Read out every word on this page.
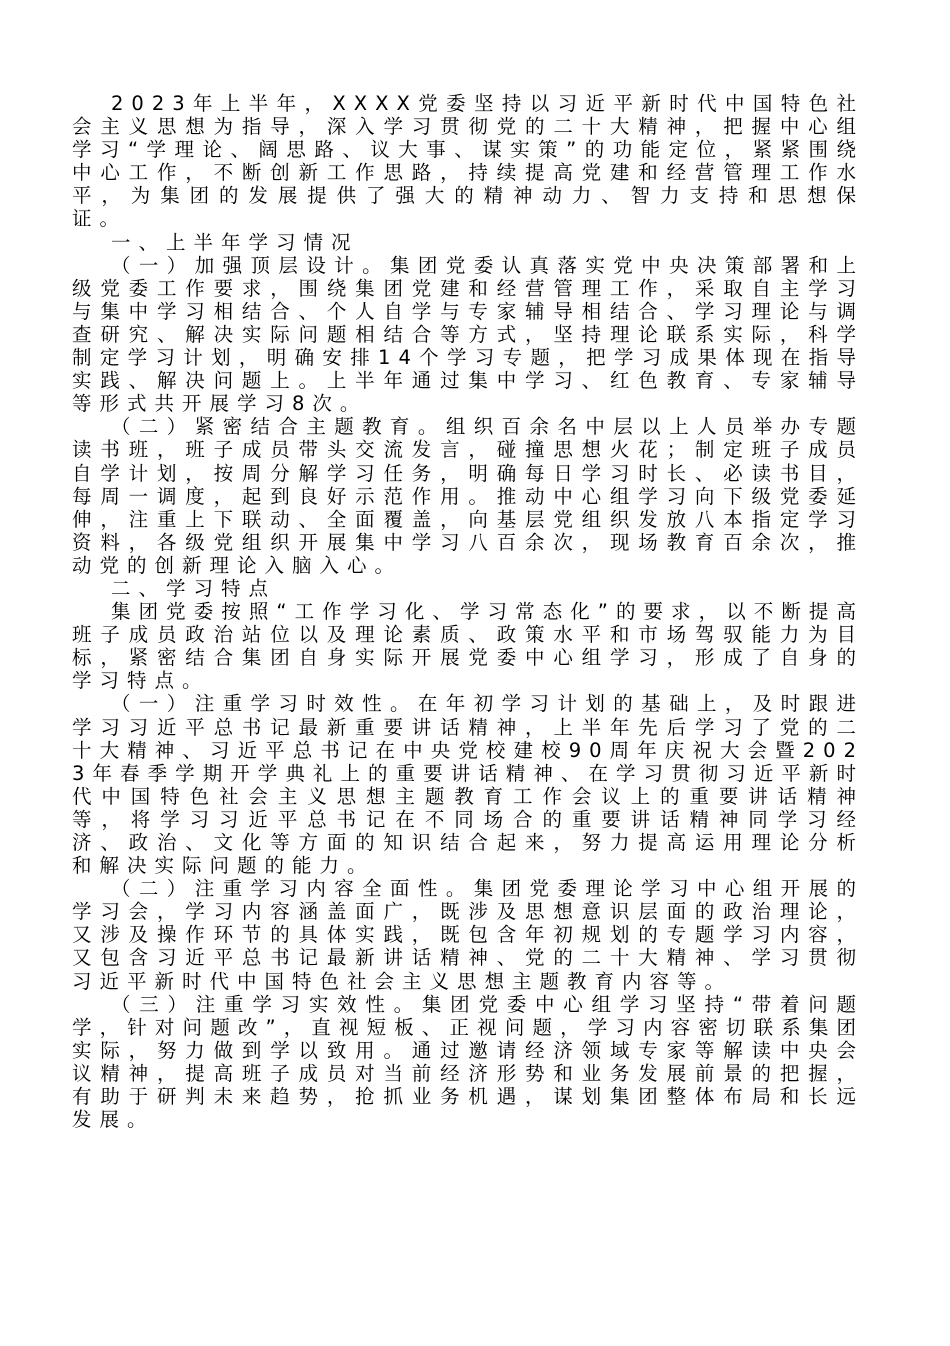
2023年上半年，XXXX党委坚持以习近平新时代中国特色社会主义思想为指导，深入学习贯彻党的二十大精神，把握中心组学习“学理论、阔思路、议大事、谋实策”的功能定位，紧紧围绕中心工作，不断创新工作思路，持续提高党建和经营管理工作水平，为集团的发展提供了强大的精神动力、智力支持和思想保证。

一、上半年学习情况

（一）加强顶层设计。集团党委认真落实党中央决策部署和上级党委工作要求，围绕集团党建和经营管理工作，采取自主学习与集中学习相结合、个人自学与专家辅导相结合、学习理论与调查研究、解决实际问题相结合等方式，坚持理论联系实际，科学制定学习计划，明确安排14个学习专题，把学习成果体现在指导实践、解决问题上。上半年通过集中学习、红色教育、专家辅导等形式共开展学习8次。

（二）紧密结合主题教育。组织百余名中层以上人员举办专题读书班，班子成员带头交流发言，碰撞思想火花；制定班子成员自学计划，按周分解学习任务，明确每日学习时长、必读书目，每周一调度，起到良好示范作用。推动中心组学习向下级党委延伸，注重上下联动、全面覆盖，向基层党组织发放八本指定学习资料，各级党组织开展集中学习八百余次，现场教育百余次，推动党的创新理论入脑入心。

二、学习特点

集团党委按照“工作学习化、学习常态化”的要求，以不断提高班子成员政治站位以及理论素质、政策水平和市场驾驭能力为目标，紧密结合集团自身实际开展党委中心组学习，形成了自身的学习特点。

（一）注重学习时效性。在年初学习计划的基础上，及时跟进学习习近平总书记最新重要讲话精神，上半年先后学习了党的二十大精神、习近平总书记在中央党校建校90周年庆祝大会暨2023年春季学期开学典礼上的重要讲话精神、在学习贯彻习近平新时代中国特色社会主义思想主题教育工作会议上的重要讲话精神等，将学习习近平总书记在不同场合的重要讲话精神同学习经济、政治、文化等方面的知识结合起来，努力提高运用理论分析和解决实际问题的能力。

（二）注重学习内容全面性。集团党委理论学习中心组开展的学习会，学习内容涵盖面广，既涉及思想意识层面的政治理论，又涉及操作环节的具体实践，既包含年初规划的专题学习内容，又包含习近平总书记最新讲话精神、党的二十大精神、学习贯彻习近平新时代中国特色社会主义思想主题教育内容等。

（三）注重学习实效性。集团党委中心组学习坚持“带着问题学，针对问题改”，直视短板、正视问题，学习内容密切联系集团实际，努力做到学以致用。通过邀请经济领域专家等解读中央会议精神，提高班子成员对当前经济形势和业务发展前景的把握，有助于研判未来趋势，抢抓业务机遇，谋划集团整体布局和长远发展。
